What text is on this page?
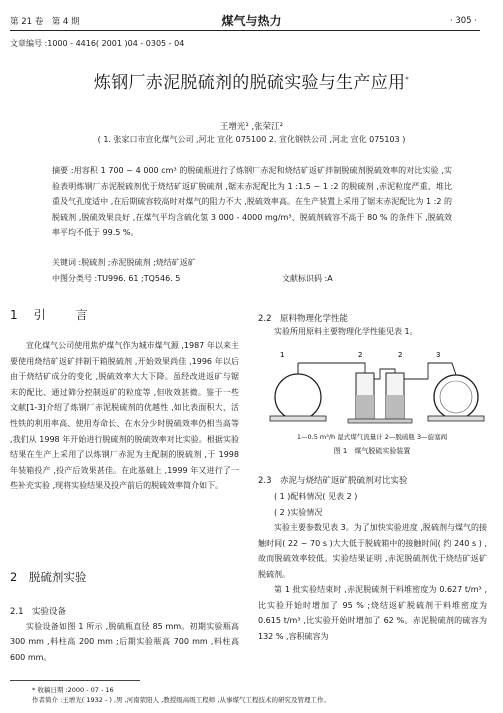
第 21 卷　第 4 期	煤气与热力	· 305 ·
文章编号 :1000 - 4416( 2001 )04 - 0305 - 04
炼钢厂赤泥脱硫剂的脱硫实验与生产应用*
王增光¹ ,张荣江²
( 1. 张家口市宣化煤气公司 ,河北 宣化 075100 2. 宣化钢铁公司 ,河北 宣化 075103 )
摘要 :用容积 1 700 ~ 4 000 cm³ 的脱硫瓶进行了炼钢厂赤泥和烧结矿返矿拌制脱硫剂脱硫效率的对比实验 ,实验表明炼钢厂赤泥脱硫剂优于烧结矿返矿脱硫剂 ,锯末赤泥配比为 1 :1.5 ~ 1 :2 的脱硫剂 ,赤泥粒度严重、堆比重及气孔度适中 ,在后期硫容较高时对煤气的阻力不大 ,脱硫效率高。在生产装置上采用了锯末赤泥配比为 1 :2 的脱硫剂 ,脱硫效果良好 ,在煤气平均含硫化氢 3 000 - 4000 mg/m³、脱硫剂硫容不高于 80 % 的条件下 ,脱硫效率平均不低于 99.5 %。
关键词 :脱硫剂 ;赤泥脱硫剂 ;烧结矿返矿
中图分类号 :TU996. 61 ;TQ546. 5	文献标识码 :A
1　引　　言
宣化煤气公司使用焦炉煤气作为城市煤气源 ,1987 年以来主要使用烧结矿返矿拌制干箱脱硫剂 ,开始效果尚佳 ,1996 年以后由于烧结矿成分的变化 ,脱硫效率大大下降。虽经改进返矿与锯末的配比、通过筛分控制返矿的粒度等 ,但收效甚微。鉴于一些文献[1-3]介绍了炼钢厂赤泥脱硫剂的优越性 ,如比表面积大、活性铁的利用率高、使用寿命长、在水分少时脱硫效率仍相当高等 ,我们从 1998 年开始进行脱硫剂的脱硫效率对比实验。根据实验结果在生产上采用了以炼钢厂赤泥为主配制的脱硫剂 ,于 1998 年装箱投产 ,投产后效果甚佳。在此基础上 ,1999 年又进行了一些补充实验 ,现将实验结果及投产前后的脱硫效率简介如下。
2　脱硫剂实验
2.1　实验设备
实验设备如图 1 所示 ,脱硫瓶直径 85 mm。初期实验瓶高 300 mm ,料柱高 200 mm ;后期实验瓶高 700 mm ,料柱高 600 mm。
2.2　原料物理化学性能
实验所用原料主要物理化学性能见表 1。
1	2	2	3
1—0.5 m³/h 湿式煤气流量计 2—脱硫瓶 3—旋塞阀
图 1　煤气脱硫实验装置
2.3　赤泥与烧结矿返矿脱硫剂对比实验
( 1 )配料情况( 见表 2 )
( 2 )实验情况
实验主要参数见表 3。为了加快实验进度 ,脱硫剂与煤气的接触时间( 22 ~ 70 s )大大低于脱硫箱中的接触时间( 约 240 s ) ,故而脱硫效率较低。实验结果证明 ,赤泥脱硫剂优于烧结矿返矿脱硫剂。
第 1 批实验结束时 ,赤泥脱硫剂干料堆密度为 0.627 t/m³ ,比实验开始时增加了 95 % ;烧结返矿脱硫剂干料堆密度为 0.615 t/m³ ,比实验开始时增加了 62 %。赤泥脱硫剂的硫容为 132 % ,容积硫容为
* 收稿日期 :2000 - 07 - 16
作者简介 :王增光( 1932 - ) ,男 ,河南荥阳人 ,教授级高级工程师 ,从事煤气工程技术的研究及管理工作。
